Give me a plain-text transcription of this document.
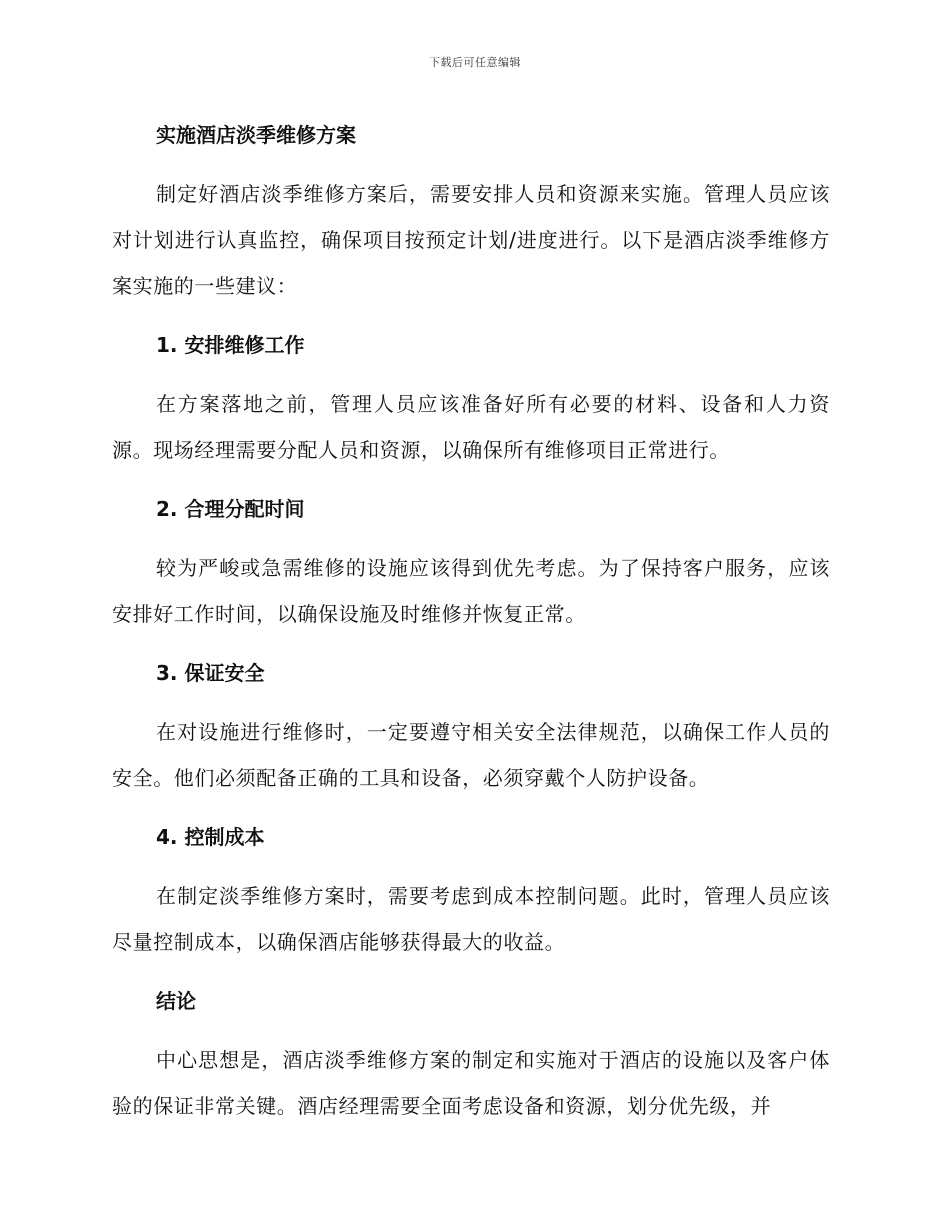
下载后可任意编辑
实施酒店淡季维修方案

制定好酒店淡季维修方案后，需要安排人员和资源来实施。管理人员应该对计划进行认真监控，确保项目按预定计划/进度进行。以下是酒店淡季维修方案实施的一些建议：

1. 安排维修工作

在方案落地之前，管理人员应该准备好所有必要的材料、设备和人力资源。现场经理需要分配人员和资源，以确保所有维修项目正常进行。

2. 合理分配时间

较为严峻或急需维修的设施应该得到优先考虑。为了保持客户服务，应该安排好工作时间，以确保设施及时维修并恢复正常。

3. 保证安全

在对设施进行维修时，一定要遵守相关安全法律规范，以确保工作人员的安全。他们必须配备正确的工具和设备，必须穿戴个人防护设备。

4. 控制成本

在制定淡季维修方案时，需要考虑到成本控制问题。此时，管理人员应该尽量控制成本，以确保酒店能够获得最大的收益。

结论

中心思想是，酒店淡季维修方案的制定和实施对于酒店的设施以及客户体验的保证非常关键。酒店经理需要全面考虑设备和资源，划分优先级，并
